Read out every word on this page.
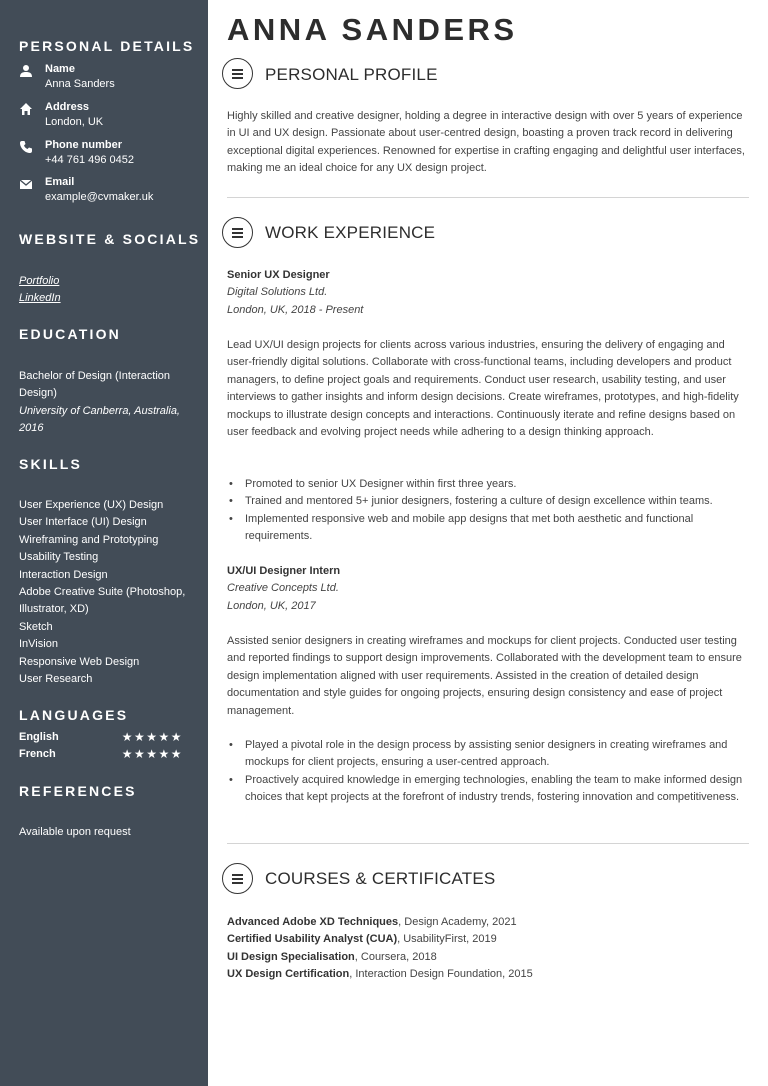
PERSONAL DETAILS
Name
Anna Sanders
Address
London, UK
Phone number
+44 761 496 0452
Email
example@cvmaker.uk
WEBSITE & SOCIALS
Portfolio
LinkedIn
EDUCATION
Bachelor of Design (Interaction Design)
University of Canberra, Australia, 2016
SKILLS
User Experience (UX) Design
User Interface (UI) Design
Wireframing and Prototyping
Usability Testing
Interaction Design
Adobe Creative Suite (Photoshop, Illustrator, XD)
Sketch
InVision
Responsive Web Design
User Research
LANGUAGES
English	★★★★★
French	★★★★★
REFERENCES
Available upon request
ANNA SANDERS
PERSONAL PROFILE
Highly skilled and creative designer, holding a degree in interactive design with over 5 years of experience in UI and UX design. Passionate about user-centred design, boasting a proven track record in delivering exceptional digital experiences. Renowned for expertise in crafting engaging and delightful user interfaces, making me an ideal choice for any UX design project.
WORK EXPERIENCE
Senior UX Designer
Digital Solutions Ltd.
London, UK, 2018 - Present
Lead UX/UI design projects for clients across various industries, ensuring the delivery of engaging and user-friendly digital solutions. Collaborate with cross-functional teams, including developers and product managers, to define project goals and requirements. Conduct user research, usability testing, and user interviews to gather insights and inform design decisions. Create wireframes, prototypes, and high-fidelity mockups to illustrate design concepts and interactions. Continuously iterate and refine designs based on user feedback and evolving project needs while adhering to a design thinking approach.
• Promoted to senior UX Designer within first three years.
• Trained and mentored 5+ junior designers, fostering a culture of design excellence within teams.
• Implemented responsive web and mobile app designs that met both aesthetic and functional requirements.
UX/UI Designer Intern
Creative Concepts Ltd.
London, UK, 2017
Assisted senior designers in creating wireframes and mockups for client projects. Conducted user testing and reported findings to support design improvements. Collaborated with the development team to ensure design implementation aligned with user requirements. Assisted in the creation of detailed design documentation and style guides for ongoing projects, ensuring design consistency and ease of project management.
• Played a pivotal role in the design process by assisting senior designers in creating wireframes and mockups for client projects, ensuring a user-centred approach.
• Proactively acquired knowledge in emerging technologies, enabling the team to make informed design choices that kept projects at the forefront of industry trends, fostering innovation and competitiveness.
COURSES & CERTIFICATES
Advanced Adobe XD Techniques, Design Academy, 2021
Certified Usability Analyst (CUA), UsabilityFirst, 2019
UI Design Specialisation, Coursera, 2018
UX Design Certification, Interaction Design Foundation, 2015
